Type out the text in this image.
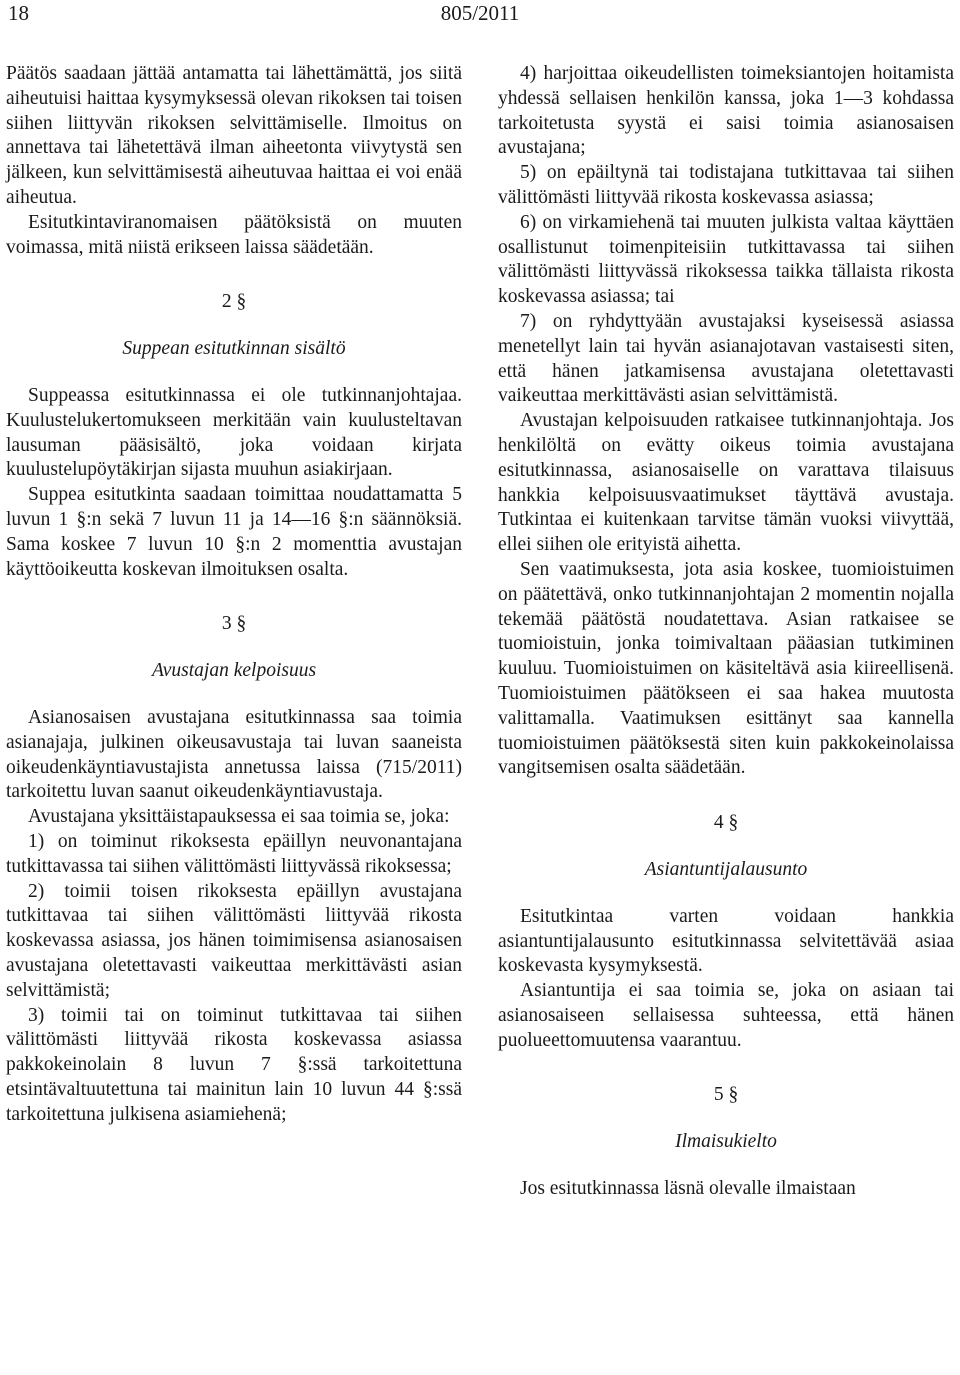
18	805/2011

Päätös saadaan jättää antamatta tai lähettämättä, jos siitä aiheutuisi haittaa kysymyksessä olevan rikoksen tai toisen siihen liittyvän rikoksen selvittämiselle. Ilmoitus on annettava tai lähetettävä ilman aiheetonta viivytystä sen jälkeen, kun selvittämisestä aiheutuvaa haittaa ei voi enää aiheutua.

Esitutkintaviranomaisen päätöksistä on muuten voimassa, mitä niistä erikseen laissa säädetään.

2 §
Suppean esitutkinnan sisältö

Suppeassa esitutkinnassa ei ole tutkinnanjohtajaa. Kuulustelukertomukseen merkitään vain kuulusteltavan lausuman pääsisältö, joka voidaan kirjata kuulustelupöytäkirjan sijasta muuhun asiakirjaan.

Suppea esitutkinta saadaan toimittaa noudattamatta 5 luvun 1 §:n sekä 7 luvun 11 ja 14—16 §:n säännöksiä. Sama koskee 7 luvun 10 §:n 2 momenttia avustajan käyttöoikeutta koskevan ilmoituksen osalta.

3 §
Avustajan kelpoisuus

Asianosaisen avustajana esitutkinnassa saa toimia asianajaja, julkinen oikeusavustaja tai luvan saaneista oikeudenkäyntiavustajista annetussa laissa (715/2011) tarkoitettu luvan saanut oikeudenkäyntiavustaja.

Avustajana yksittäistapauksessa ei saa toimia se, joka:

1) on toiminut rikoksesta epäillyn neuvonantajana tutkittavassa tai siihen välittömästi liittyvässä rikoksessa;

2) toimii toisen rikoksesta epäillyn avustajana tutkittavaa tai siihen välittömästi liittyvää rikosta koskevassa asiassa, jos hänen toimimisensa asianosaisen avustajana oletettavasti vaikeuttaa merkittävästi asian selvittämistä;

3) toimii tai on toiminut tutkittavaa tai siihen välittömästi liittyvää rikosta koskevassa asiassa pakkokeinolain 8 luvun 7 §:ssä tarkoitettuna etsintävaltuutettuna tai mainitun lain 10 luvun 44 §:ssä tarkoitettuna julkisena asiamiehenä;

4) harjoittaa oikeudellisten toimeksiantojen hoitamista yhdessä sellaisen henkilön kanssa, joka 1—3 kohdassa tarkoitetusta syystä ei saisi toimia asianosaisen avustajana;

5) on epäiltynä tai todistajana tutkittavaa tai siihen välittömästi liittyvää rikosta koskevassa asiassa;

6) on virkamiehenä tai muuten julkista valtaa käyttäen osallistunut toimenpiteisiin tutkittavassa tai siihen välittömästi liittyvässä rikoksessa taikka tällaista rikosta koskevassa asiassa; tai

7) on ryhdyttyään avustajaksi kyseisessä asiassa menetellyt lain tai hyvän asianajotavan vastaisesti siten, että hänen jatkamisensa avustajana oletettavasti vaikeuttaa merkittävästi asian selvittämistä.

Avustajan kelpoisuuden ratkaisee tutkinnanjohtaja. Jos henkilöltä on evätty oikeus toimia avustajana esitutkinnassa, asianosaiselle on varattava tilaisuus hankkia kelpoisuusvaatimukset täyttävä avustaja. Tutkintaa ei kuitenkaan tarvitse tämän vuoksi viivyttää, ellei siihen ole erityistä aihetta.

Sen vaatimuksesta, jota asia koskee, tuomioistuimen on päätettävä, onko tutkinnanjohtajan 2 momentin nojalla tekemää päätöstä noudatettava. Asian ratkaisee se tuomioistuin, jonka toimivaltaan pääasian tutkiminen kuuluu. Tuomioistuimen on käsiteltävä asia kiireellisenä. Tuomioistuimen päätökseen ei saa hakea muutosta valittamalla. Vaatimuksen esittänyt saa kannella tuomioistuimen päätöksestä siten kuin pakkokeinolaissa vangitsemisen osalta säädetään.

4 §
Asiantuntijalausunto

Esitutkintaa varten voidaan hankkia asiantuntijalausunto esitutkinnassa selvitettävää asiaa koskevasta kysymyksestä.

Asiantuntija ei saa toimia se, joka on asiaan tai asianosaiseen sellaisessa suhteessa, että hänen puolueettomuutensa vaarantuu.

5 §
Ilmaisukielto

Jos esitutkinnassa läsnä olevalle ilmaistaan
